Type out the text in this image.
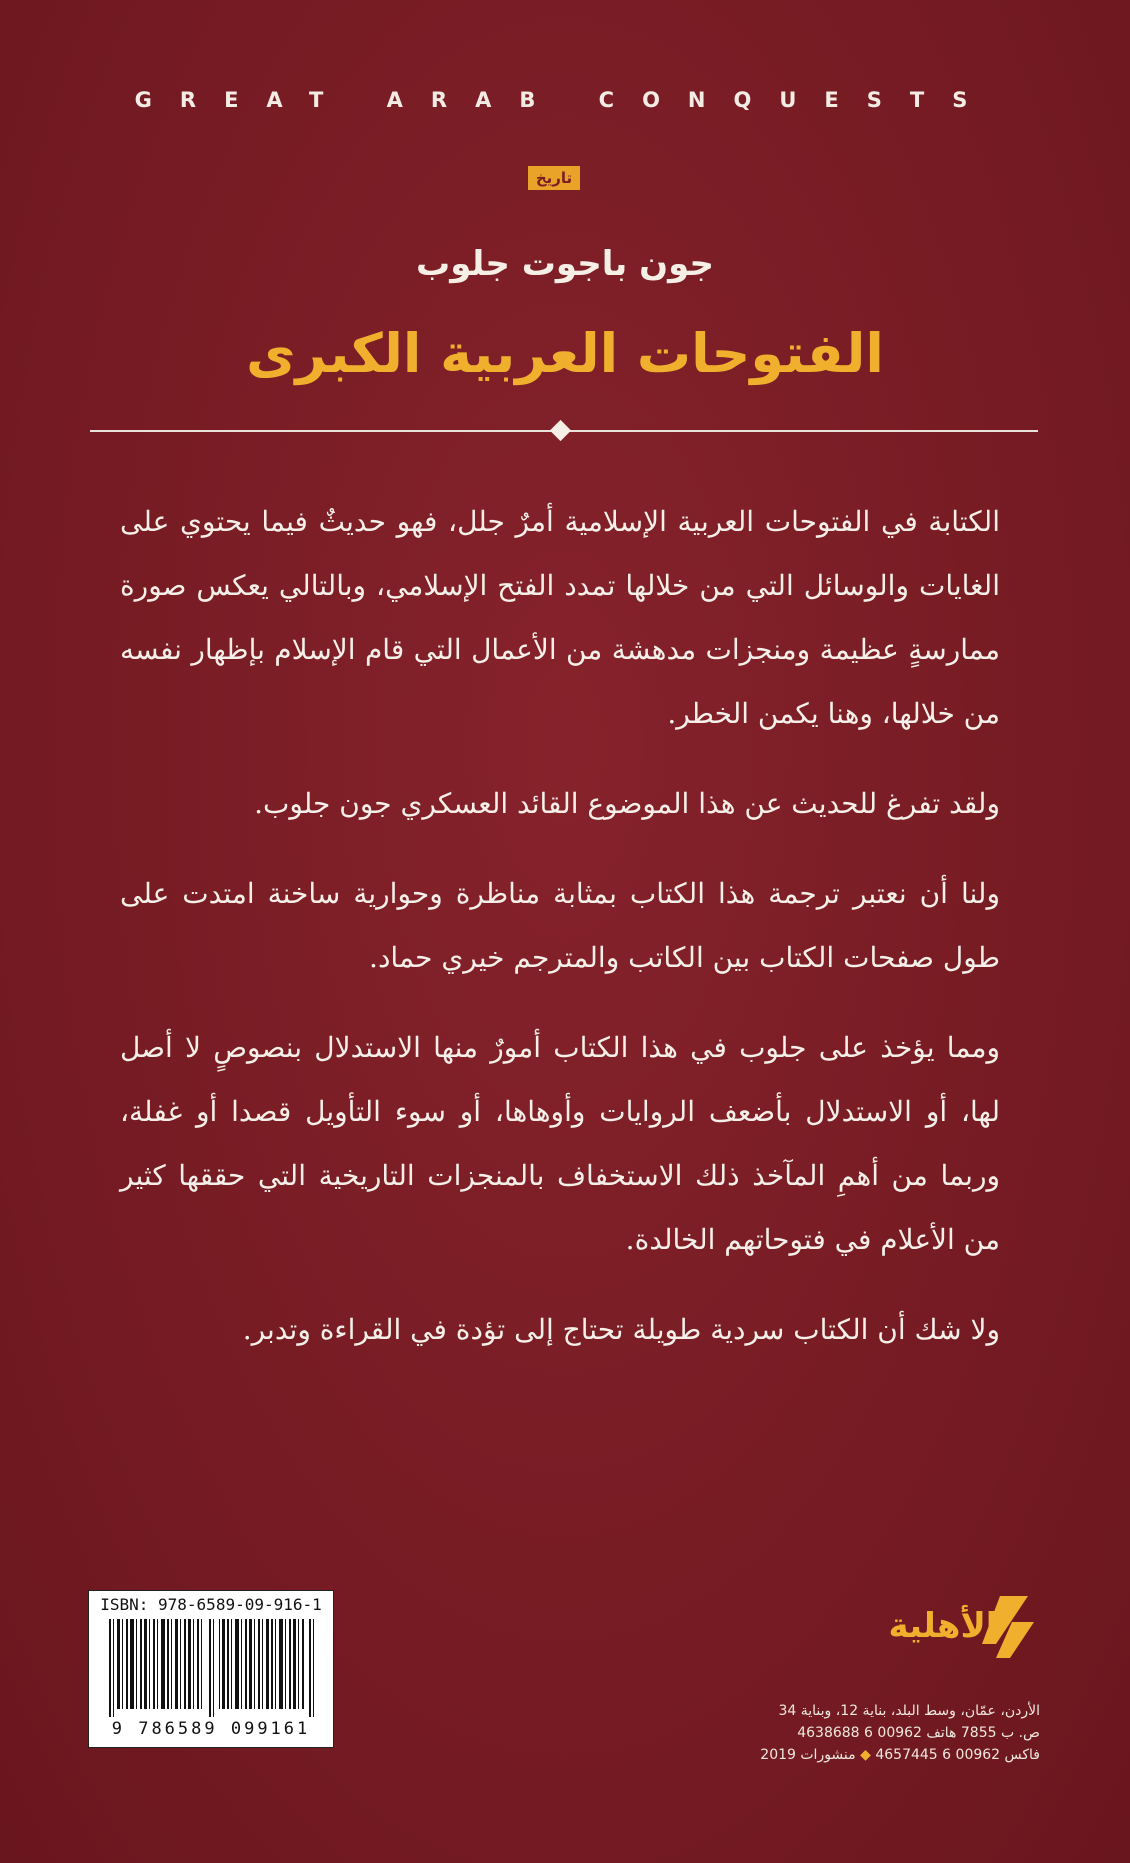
GREAT ARAB CONQUESTS
تاريخ
جون باجوت جلوب
الفتوحات العربية الكبرى

الكتابة في الفتوحات العربية الإسلامية أمرٌ جلل، فهو حديثٌ فيما يحتوي على الغايات والوسائل التي من خلالها تمدد الفتح الإسلامي، وبالتالي يعكس صورة ممارسةٍ عظيمة ومنجزات مدهشة من الأعمال التي قام الإسلام بإظهار نفسه من خلالها، وهنا يكمن الخطر.

ولقد تفرغ للحديث عن هذا الموضوع القائد العسكري جون جلوب.

ولنا أن نعتبر ترجمة هذا الكتاب بمثابة مناظرة وحوارية ساخنة امتدت على طول صفحات الكتاب بين الكاتب والمترجم خيري حماد.

ومما يؤخذ على جلوب في هذا الكتاب أمورٌ منها الاستدلال بنصوصٍ لا أصل لها، أو الاستدلال بأضعف الروايات وأوهاها، أو سوء التأويل قصدا أو غفلة، وربما من أهمِ المآخذ ذلك الاستخفاف بالمنجزات التاريخية التي حققها كثير من الأعلام في فتوحاتهم الخالدة.

ولا شك أن الكتاب سردية طويلة تحتاج إلى تؤدة في القراءة وتدبر.

ISBN: 978-6589-09-916-1
9 786589 099161
الأهلية
الأردن، عمّان، وسط البلد، بناية 12، وبناية 34
ص. ب 7855 هاتف 00962 6 4638688
فاكس 00962 6 4657445 ◆ منشورات 2019
